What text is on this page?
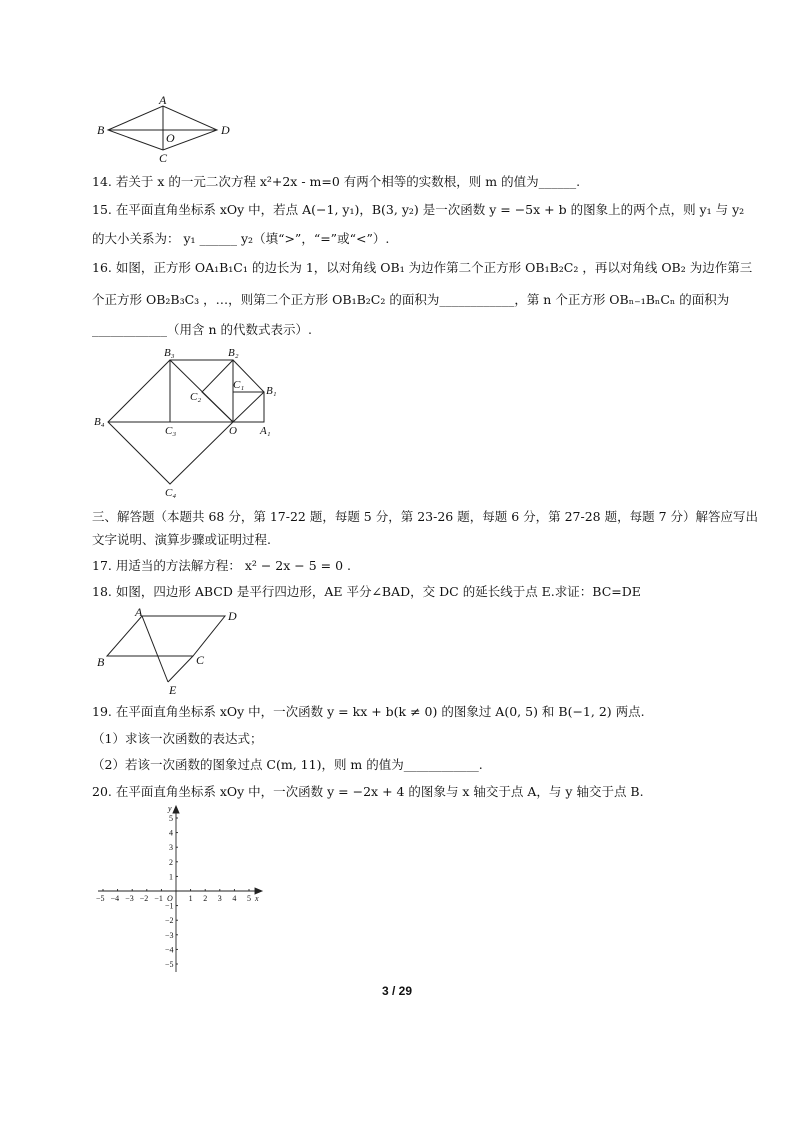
A
B
O
D
C
14. 若关于 x 的一元二次方程 x²+2x - m=0 有两个相等的实数根，则 m 的值为______.
15. 在平面直角坐标系 xOy 中，若点 A(−1, y₁)，B(3, y₂) 是一次函数 y = −5x + b 的图象上的两个点，则 y₁ 与 y₂
的大小关系为： y₁ ______ y₂（填“>”，“=”或“<”）.
16. 如图，正方形 OA₁B₁C₁ 的边长为 1，以对角线 OB₁ 为边作第二个正方形 OB₁B₂C₂ ，再以对角线 OB₂ 为边作第三
个正方形 OB₂B₃C₃ ，…，则第二个正方形 OB₁B₂C₂ 的面积为____________，第 n 个正方形 OBₙ₋₁BₙCₙ 的面积为
____________（用含 n 的代数式表示）.
B₃	B₂
C₁ B₁
C₂
B₄
C₃	O A₁
C₄
三、解答题（本题共 68 分，第 17-22 题，每题 5 分，第 23-26 题，每题 6 分，第 27-28 题，每题 7 分）解答应写出
文字说明、演算步骤或证明过程.
17. 用适当的方法解方程： x² − 2x − 5 = 0 .
18. 如图，四边形 ABCD 是平行四边形，AE 平分∠BAD，交 DC 的延长线于点 E.求证：BC=DE
A	D
B	C
E
19. 在平面直角坐标系 xOy 中，一次函数 y = kx + b(k ≠ 0) 的图象过 A(0, 5) 和 B(−1, 2) 两点.
（1）求该一次函数的表达式；
（2）若该一次函数的图象过点 C(m, 11)，则 m 的值为____________.
20. 在平面直角坐标系 xOy 中，一次函数 y = −2x + 4 的图象与 x 轴交于点 A，与 y 轴交于点 B.
−5 −4 −3 −2 −1	1 2 3 4 5
5
4
3
2
1
−1
−2
−3
−4
−5
O	x
y
3 / 29
